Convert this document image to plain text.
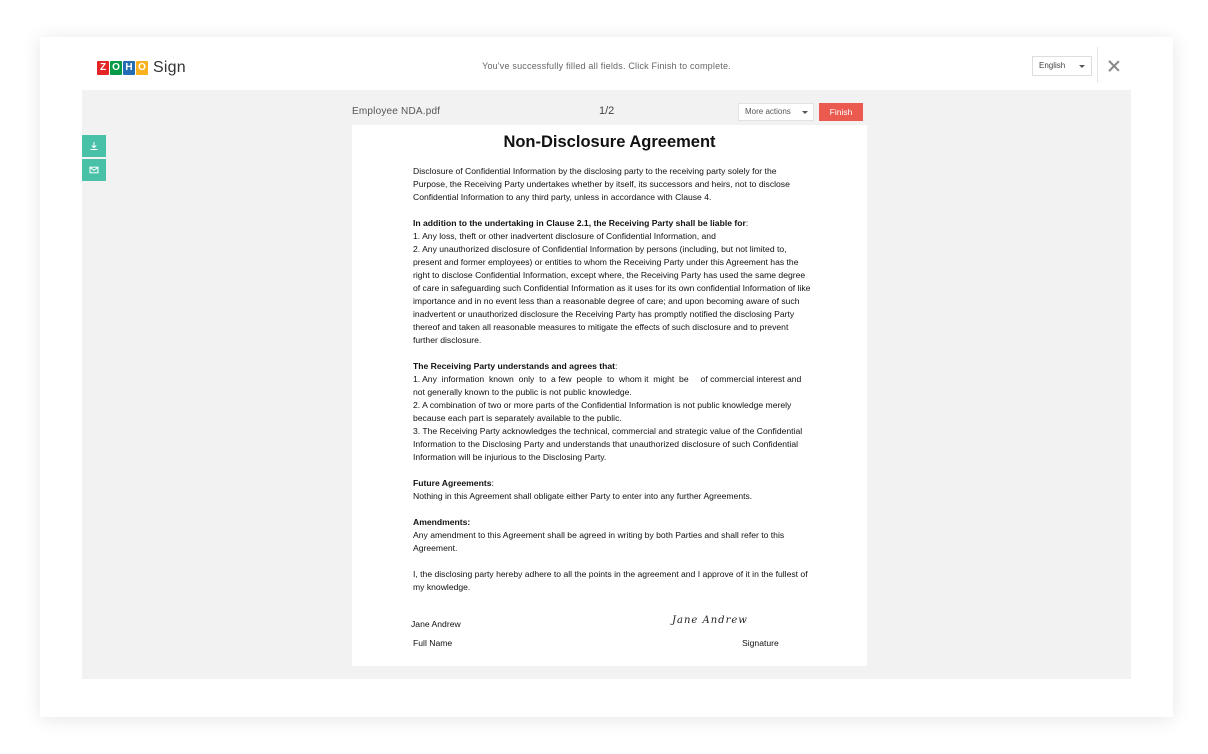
Z O H O Sign	You've successfully filled all fields. Click Finish to complete.	English
Employee NDA.pdf	1/2	More actions	Finish
Non-Disclosure Agreement

Disclosure of Confidential Information by the disclosing party to the receiving party solely for the Purpose, the Receiving Party undertakes whether by itself, its successors and heirs, not to disclose Confidential Information to any third party, unless in accordance with Clause 4.

In addition to the undertaking in Clause 2.1, the Receiving Party shall be liable for:
1. Any loss, theft or other inadvertent disclosure of Confidential Information, and

2. Any unauthorized disclosure of Confidential Information by persons (including, but not limited to, present and former employees) or entities to whom the Receiving Party under this Agreement has the right to disclose Confidential Information, except where, the Receiving Party has used the same degree of care in safeguarding such Confidential Information as it uses for its own confidential Information of like importance and in no event less than a reasonable degree of care; and upon becoming aware of such inadvertent or unauthorized disclosure the Receiving Party has promptly notified the disclosing Party thereof and taken all reasonable measures to mitigate the effects of such disclosure and to prevent further disclosure.

The Receiving Party understands and agrees that:
1. Any  information  known  only  to  a few  people  to  whom it  might  be     of commercial interest and not generally known to the public is not public knowledge.
2. A combination of two or more parts of the Confidential Information is not public knowledge merely because each part is separately available to the public.

3. The Receiving Party acknowledges the technical, commercial and strategic value of the Confidential Information to the Disclosing Party and understands that unauthorized disclosure of such Confidential Information will be injurious to the Disclosing Party.

Future Agreements:

Nothing in this Agreement shall obligate either Party to enter into any further Agreements.

Amendments:

Any amendment to this Agreement shall be agreed in writing by both Parties and shall refer to this Agreement.

I, the disclosing party hereby adhere to all the points in the agreement and I approve of it in the fullest of my knowledge.

Jane Andrew	Jane Andrew
Full Name	Signature
